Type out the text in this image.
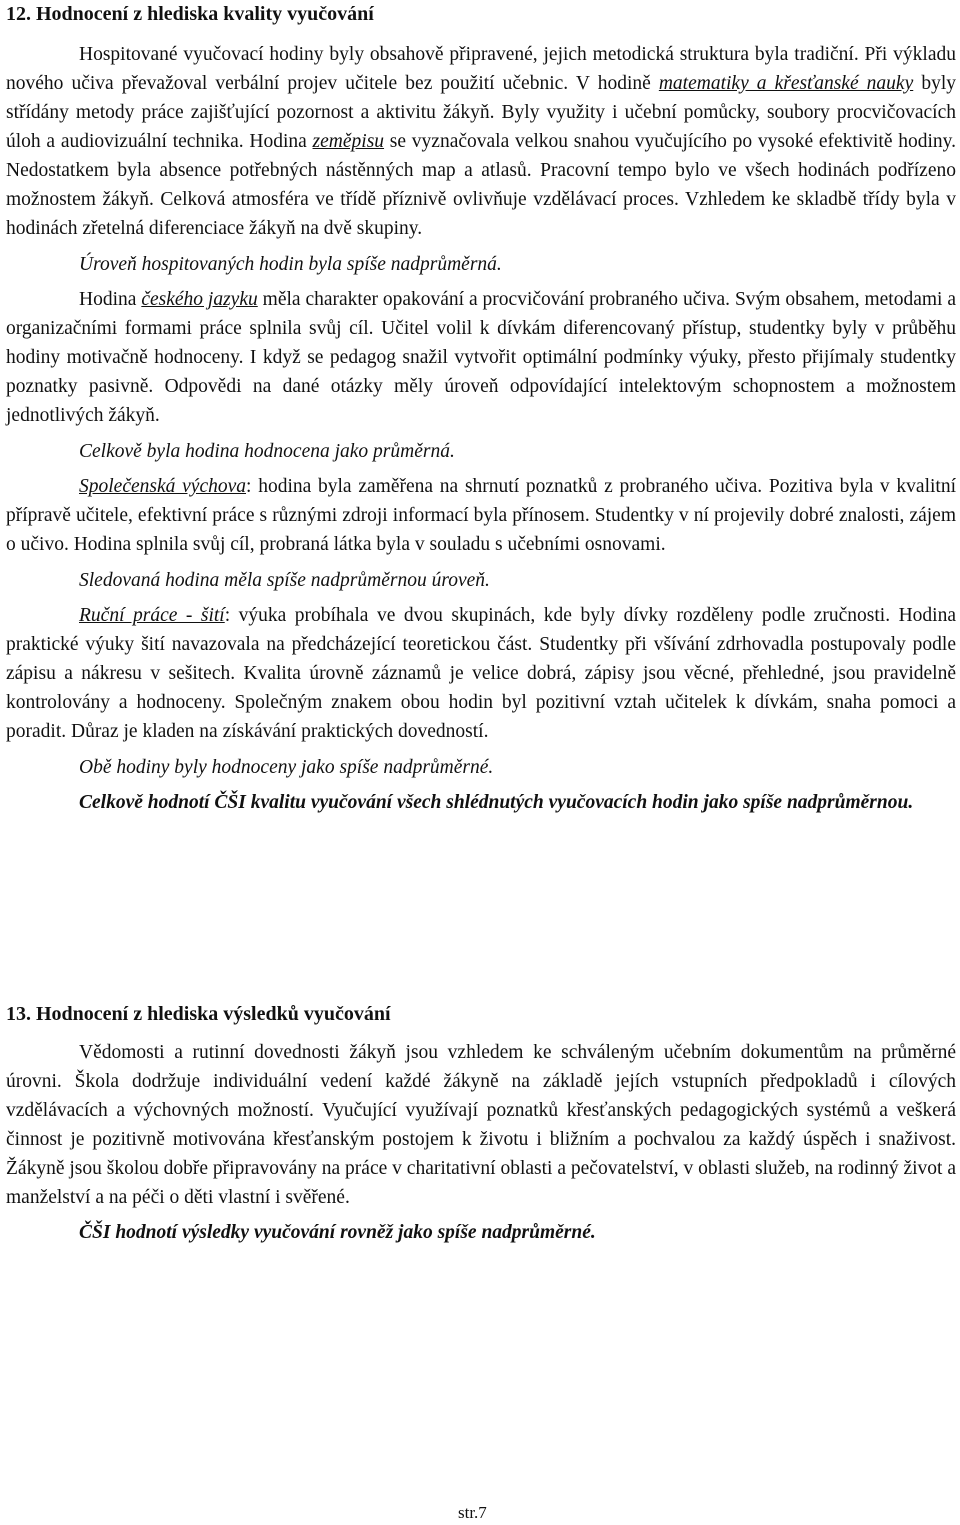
12. Hodnocení z hlediska kvality vyučování

Hospitované vyučovací hodiny byly obsahově připravené, jejich metodická struktura byla tradiční. Při výkladu nového učiva převažoval verbální projev učitele bez použití učebnic. V hodině matematiky a křesťanské nauky byly střídány metody práce zajišťující pozornost a aktivitu žákyň. Byly využity i učební pomůcky, soubory procvičovacích úloh a audiovizuální technika. Hodina zeměpisu se vyznačovala velkou snahou vyučujícího po vysoké efektivitě hodiny. Nedostatkem byla absence potřebných nástěnných map a atlasů. Pracovní tempo bylo ve všech hodinách podřízeno možnostem žákyň. Celková atmosféra ve třídě příznivě ovlivňuje vzdělávací proces. Vzhledem ke skladbě třídy byla v hodinách zřetelná diferenciace žákyň na dvě skupiny.

Úroveň hospitovaných hodin byla spíše nadprůměrná.

Hodina českého jazyku měla charakter opakování a procvičování probraného učiva. Svým obsahem, metodami a organizačními formami práce splnila svůj cíl. Učitel volil k dívkám diferencovaný přístup, studentky byly v průběhu hodiny motivačně hodnoceny. I když se pedagog snažil vytvořit optimální podmínky výuky, přesto přijímaly studentky poznatky pasivně. Odpovědi na dané otázky měly úroveň odpovídající intelektovým schopnostem a možnostem jednotlivých žákyň.

Celkově byla hodina hodnocena jako průměrná.

Společenská výchova: hodina byla zaměřena na shrnutí poznatků z probraného učiva. Pozitiva byla v kvalitní přípravě učitele, efektivní práce s různými zdroji informací byla přínosem. Studentky v ní projevily dobré znalosti, zájem o učivo. Hodina splnila svůj cíl, probraná látka byla v souladu s učebními osnovami.

Sledovaná hodina měla spíše nadprůměrnou úroveň.

Ruční práce - šití: výuka probíhala ve dvou skupinách, kde byly dívky rozděleny podle zručnosti. Hodina praktické výuky šití navazovala na předcházející teoretickou část. Studentky při všívání zdrhovadla postupovaly podle zápisu a nákresu v sešitech. Kvalita úrovně záznamů je velice dobrá, zápisy jsou věcné, přehledné, jsou pravidelně kontrolovány a hodnoceny. Společným znakem obou hodin byl pozitivní vztah učitelek k dívkám, snaha pomoci a poradit. Důraz je kladen na získávání praktických dovedností.

Obě hodiny byly hodnoceny jako spíše nadprůměrné.

Celkově hodnotí ČŠI kvalitu vyučování všech shlédnutých vyučovacích hodin jako spíše nadprůměrnou.

13. Hodnocení z hlediska výsledků vyučování

Vědomosti a rutinní dovednosti žákyň jsou vzhledem ke schváleným učebním dokumentům na průměrné úrovni. Škola dodržuje individuální vedení každé žákyně na základě jejích vstupních předpokladů i cílových vzdělávacích a výchovných možností. Vyučující využívají poznatků křesťanských pedagogických systémů a veškerá činnost je pozitivně motivována křesťanským postojem k životu i bližním a pochvalou za každý úspěch i snaživost. Žákyně jsou školou dobře připravovány na práce v charitativní oblasti a pečovatelství, v oblasti služeb, na rodinný život a manželství a na péči o děti vlastní i svěřené.

ČŠI hodnotí výsledky vyučování rovněž jako spíše nadprůměrné.

str.7
